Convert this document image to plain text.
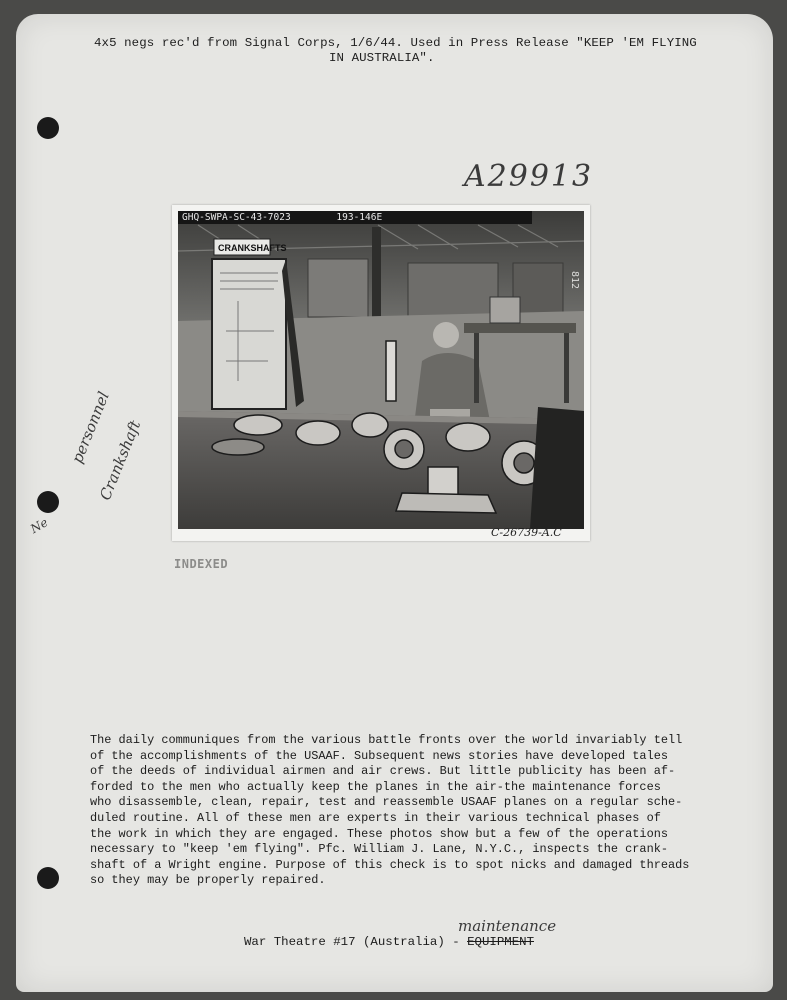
4x5 negs rec'd from Signal Corps, 1/6/44. Used in Press Release "KEEP 'EM FLYING
IN AUSTRALIA".
A29913
personnel
Crankshaft
Ne
CRANKSHAFTS
812
GHQ-SWPA-SC-43-7023        193-146E
C-26739-A.C
INDEXED
The daily communiques from the various battle fronts over the world invariably tell
of the accomplishments of the USAAF. Subsequent news stories have developed tales
of the deeds of individual airmen and air crews. But little publicity has been af-
forded to the men who actually keep the planes in the air-the maintenance forces
who disassemble, clean, repair, test and reassemble USAAF planes on a regular sche-
duled routine. All of these men are experts in their various technical phases of
the work in which they are engaged. These photos show but a few of the operations
necessary to "keep 'em flying". Pfc. William J. Lane, N.Y.C., inspects the crank-
shaft of a Wright engine. Purpose of this check is to spot nicks and damaged threads
so they may be properly repaired.
maintenance
War Theatre #17 (Australia) - EQUIPMENT
